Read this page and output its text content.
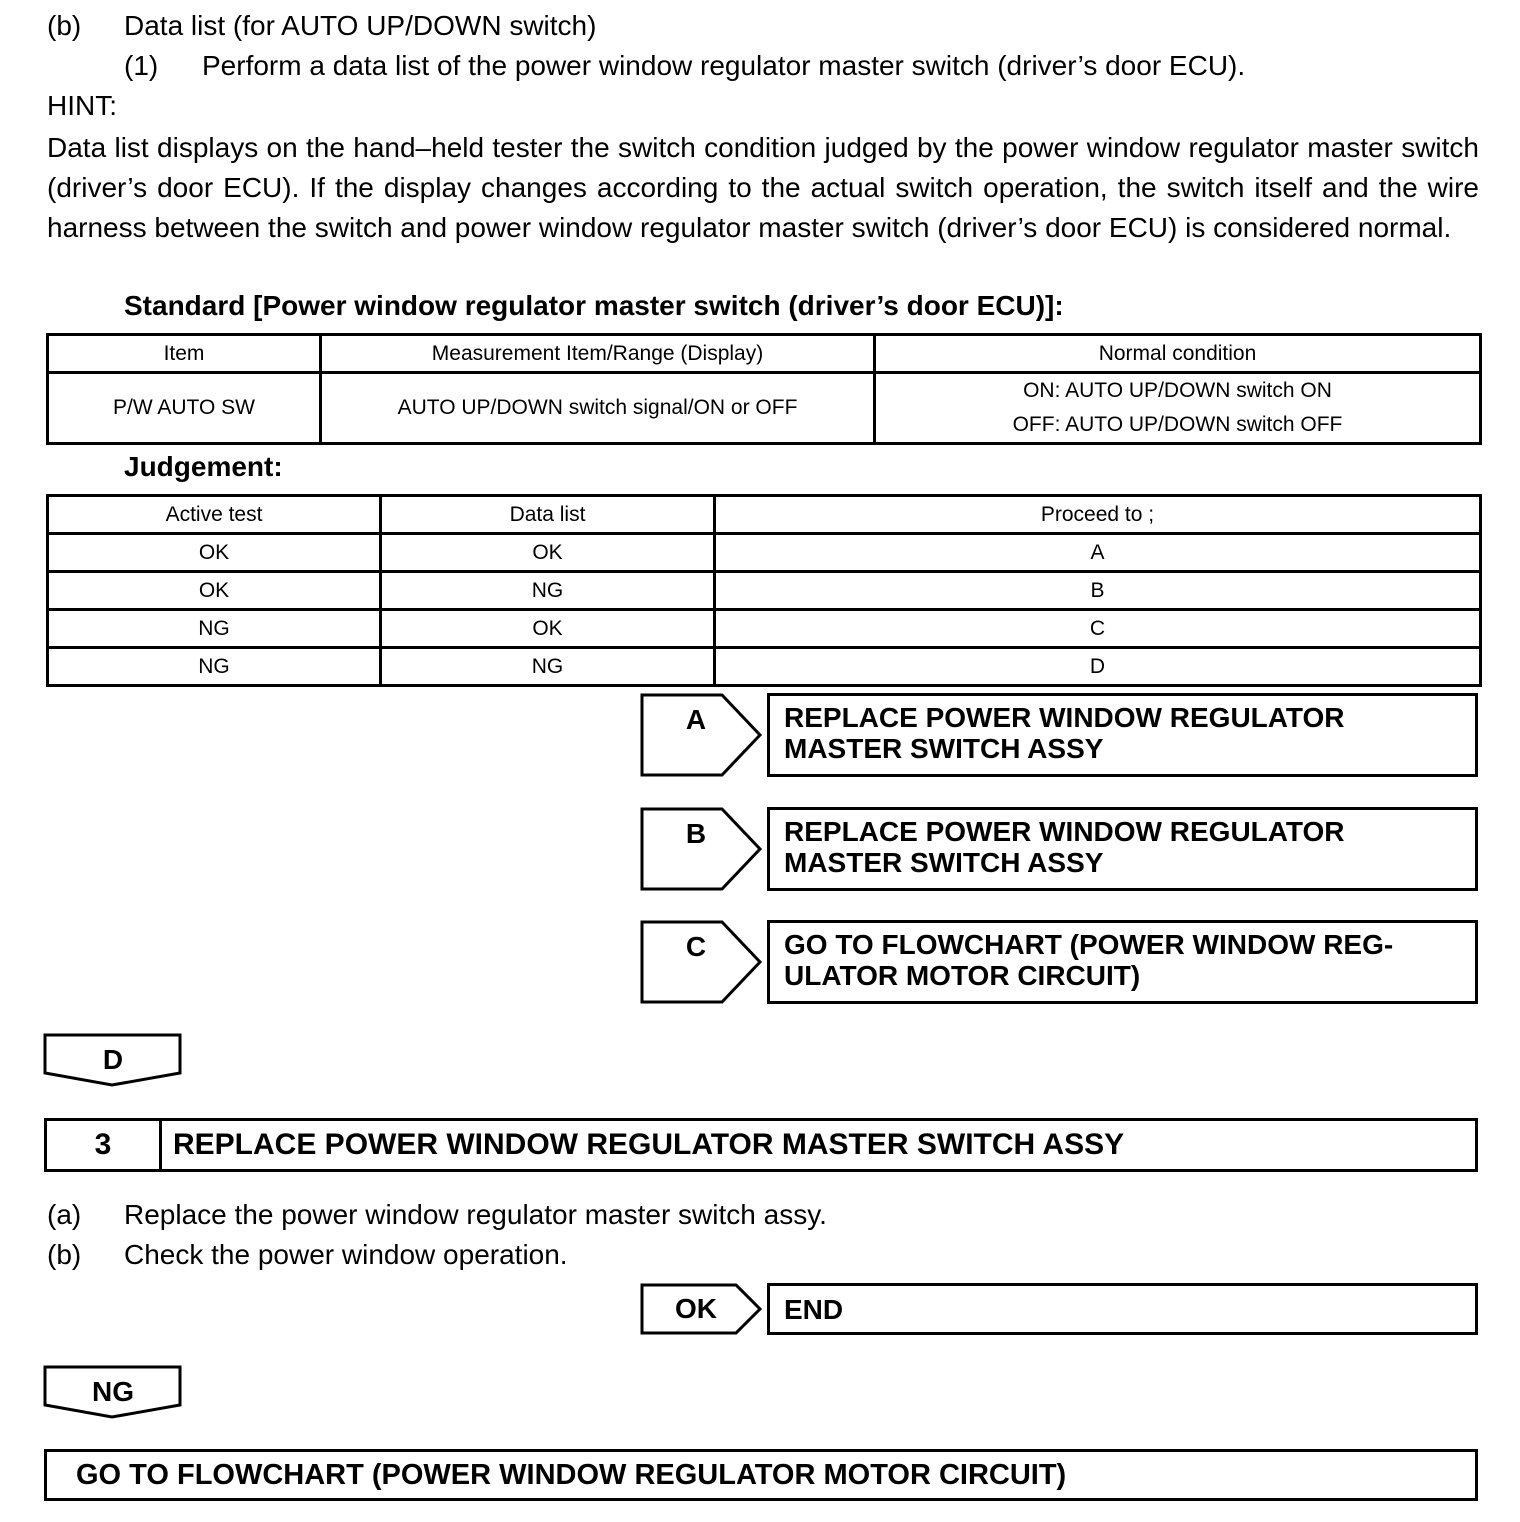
(b) Data list (for AUTO UP/DOWN switch)
(1) Perform a data list of the power window regulator master switch (driver’s door ECU).
HINT:
Data list displays on the hand–held tester the switch condition judged by the power window regulator master switch (driver’s door ECU). If the display changes according to the actual switch operation, the switch itself and the wire harness between the switch and power window regulator master switch (driver’s door ECU) is considered normal.
Standard [Power window regulator master switch (driver’s door ECU)]:
Item	Measurement Item/Range (Display)	Normal condition
P/W AUTO SW	AUTO UP/DOWN switch signal/ON or OFF	ON: AUTO UP/DOWN switch ON
OFF: AUTO UP/DOWN switch OFF
Judgement:
Active test	Data list	Proceed to ;
OK	OK	A
OK	NG	B
NG	OK	C
NG	NG	D
A	REPLACE POWER WINDOW REGULATOR
MASTER SWITCH ASSY
B	REPLACE POWER WINDOW REGULATOR
MASTER SWITCH ASSY
C	GO TO FLOWCHART (POWER WINDOW REG-
ULATOR MOTOR CIRCUIT)
D
3	REPLACE POWER WINDOW REGULATOR MASTER SWITCH ASSY
(a) Replace the power window regulator master switch assy.
(b) Check the power window operation.
OK	END
NG
GO TO FLOWCHART (POWER WINDOW REGULATOR MOTOR CIRCUIT)
